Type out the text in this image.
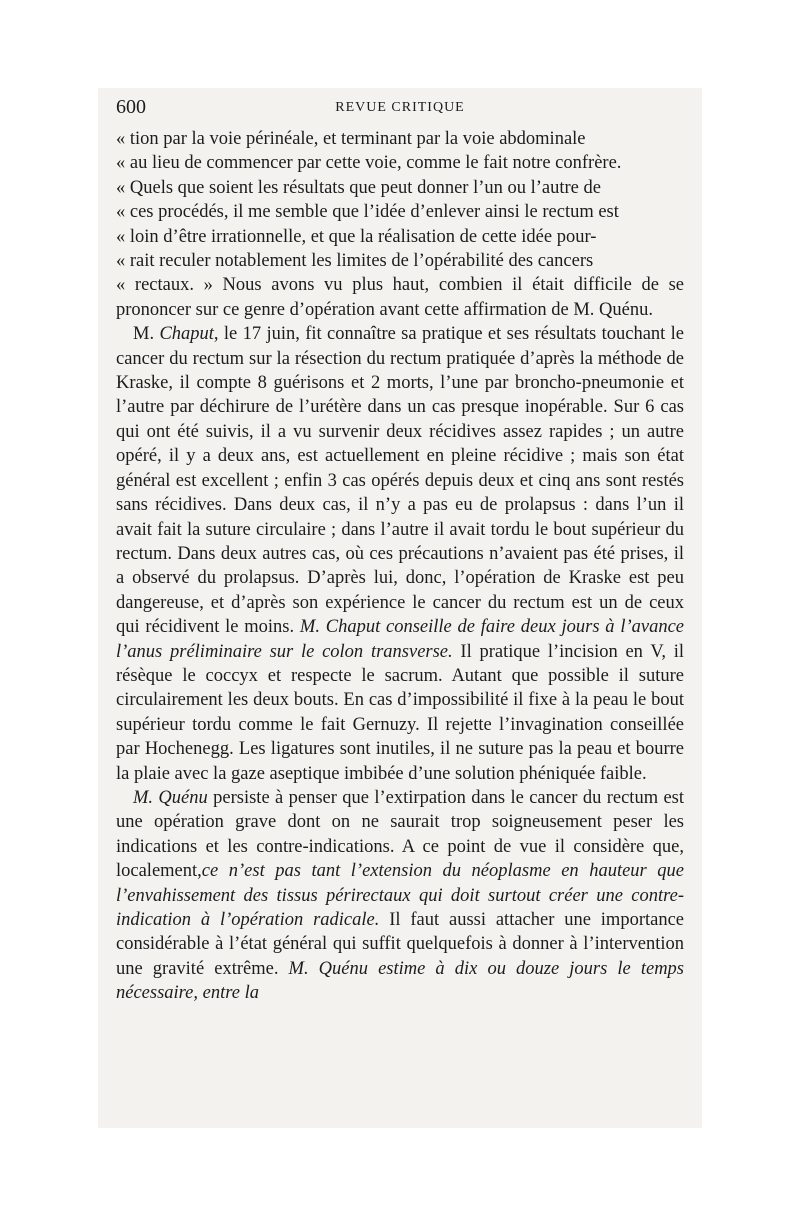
600	REVUE CRITIQUE
« tion par la voie périnéale, et terminant par la voie abdominale
« au lieu de commencer par cette voie, comme le fait notre confrère.
« Quels que soient les résultats que peut donner l’un ou l’autre de
« ces procédés, il me semble que l’idée d’enlever ainsi le rectum est
« loin d’être irrationnelle, et que la réalisation de cette idée pour-
« rait reculer notablement les limites de l’opérabilité des cancers

« rectaux. » Nous avons vu plus haut, combien il était difficile de se prononcer sur ce genre d’opération avant cette affirmation de M. Quénu.

M. Chaput, le 17 juin, fit connaître sa pratique et ses résultats touchant le cancer du rectum sur la résection du rectum pratiquée d’après la méthode de Kraske, il compte 8 guérisons et 2 morts, l’une par broncho-pneumonie et l’autre par déchirure de l’urétère dans un cas presque inopérable. Sur 6 cas qui ont été suivis, il a vu survenir deux récidives assez rapides ; un autre opéré, il y a deux ans, est actuellement en pleine récidive ; mais son état général est excellent ; enfin 3 cas opérés depuis deux et cinq ans sont restés sans récidives. Dans deux cas, il n’y a pas eu de prolapsus : dans l’un il avait fait la suture circulaire ; dans l’autre il avait tordu le bout supérieur du rectum. Dans deux autres cas, où ces précautions n’avaient pas été prises, il a observé du prolapsus. D’après lui, donc, l’opération de Kraske est peu dangereuse, et d’après son expérience le cancer du rectum est un de ceux qui récidivent le moins. M. Chaput conseille de faire deux jours à l’avance l’anus préliminaire sur le colon transverse. Il pratique l’incision en V, il résèque le coccyx et respecte le sacrum. Autant que possible il suture circulairement les deux bouts. En cas d’impossibilité il fixe à la peau le bout supérieur tordu comme le fait Gernuzy. Il rejette l’invagination conseillée par Hochenegg. Les ligatures sont inutiles, il ne suture pas la peau et bourre la plaie avec la gaze aseptique imbibée d’une solution phéniquée faible.

M. Quénu persiste à penser que l’extirpation dans le cancer du rectum est une opération grave dont on ne saurait trop soigneusement peser les indications et les contre-indications. A ce point de vue il considère que, localement,ce n’est pas tant l’extension du néoplasme en hauteur que l’envahissement des tissus périrectaux qui doit surtout créer une contre-indication à l’opération radicale. Il faut aussi attacher une importance considérable à l’état général qui suffit quelquefois à donner à l’intervention une gravité extrême. M. Quénu estime à dix ou douze jours le temps nécessaire, entre la
